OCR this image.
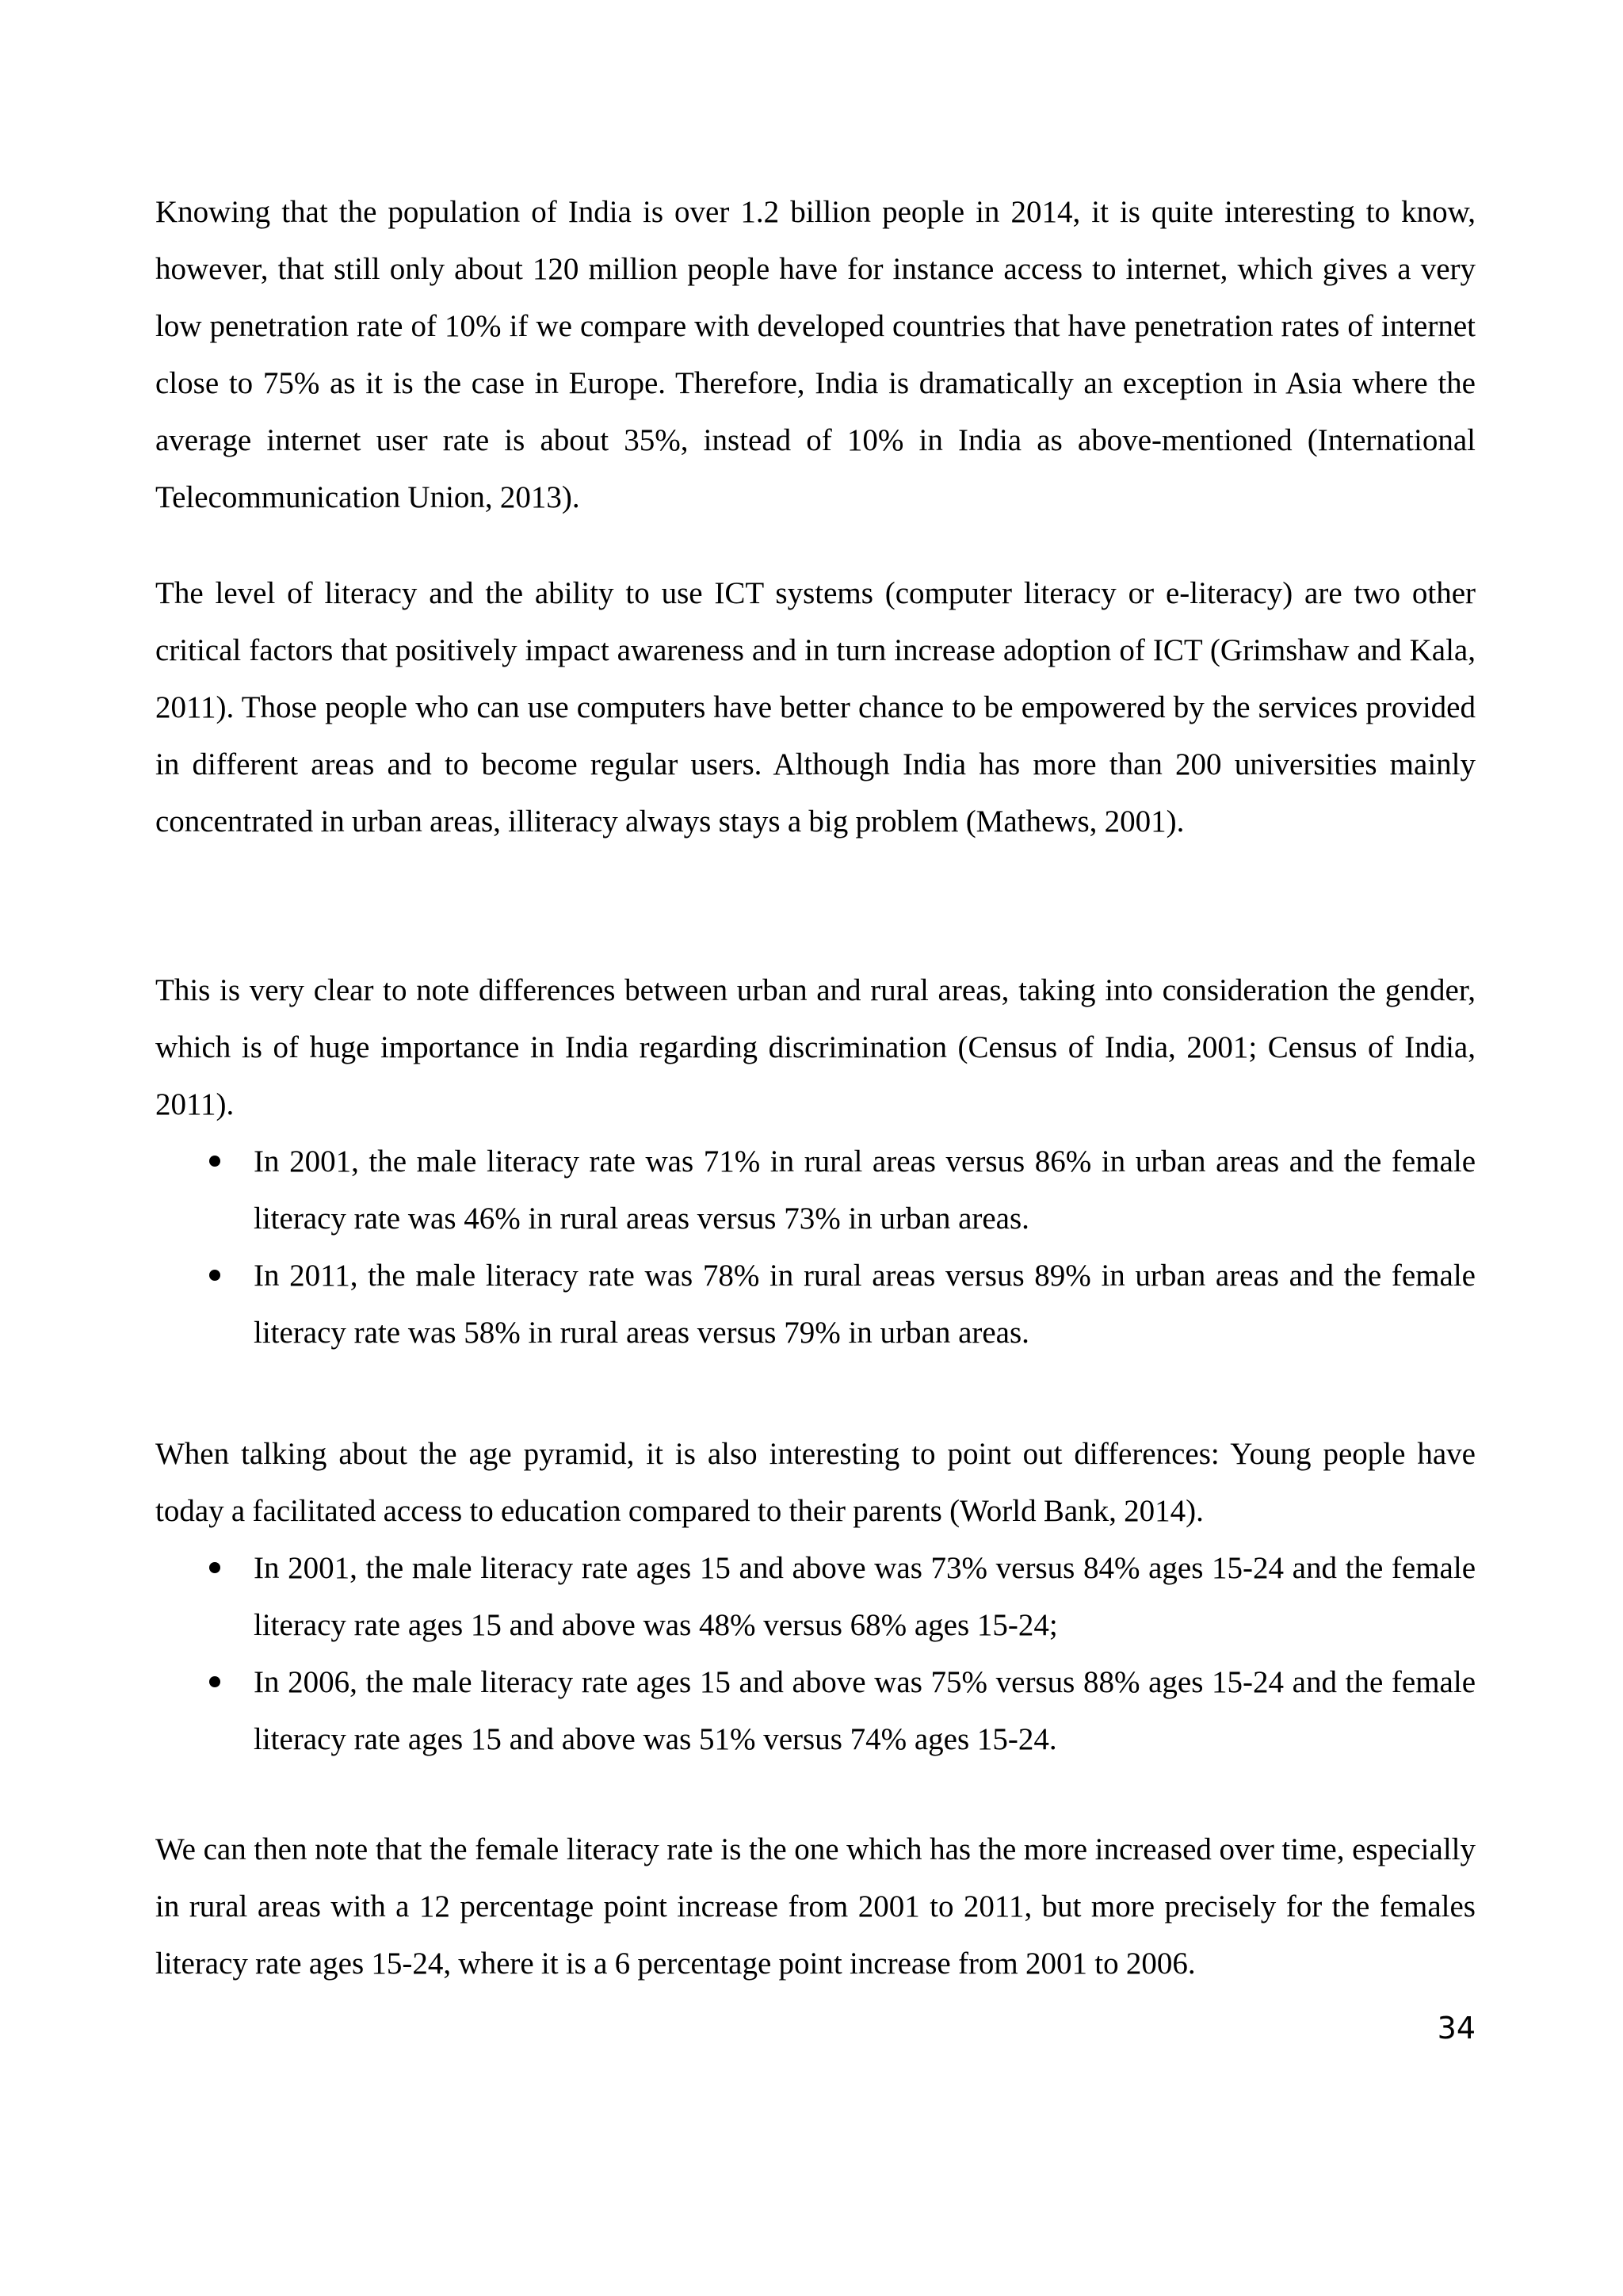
Knowing that the population of India is over 1.2 billion people in 2014, it is quite interesting to know, however, that still only about 120 million people have for instance access to internet, which gives a very low penetration rate of 10% if we compare with developed countries that have penetration rates of internet close to 75% as it is the case in Europe. Therefore, India is dramatically an exception in Asia where the average internet user rate is about 35%, instead of 10% in India as above-mentioned (International Telecommunication Union, 2013).

The level of literacy and the ability to use ICT systems (computer literacy or e-literacy) are two other critical factors that positively impact awareness and in turn increase adoption of ICT (Grimshaw and Kala, 2011). Those people who can use computers have better chance to be empowered by the services provided in different areas and to become regular users. Although India has more than 200 universities mainly concentrated in urban areas, illiteracy always stays a big problem (Mathews, 2001).

This is very clear to note differences between urban and rural areas, taking into consideration the gender, which is of huge importance in India regarding discrimination (Census of India, 2001; Census of India, 2011).

In 2001, the male literacy rate was 71% in rural areas versus 86% in urban areas and the female literacy rate was 46% in rural areas versus 73% in urban areas.
In 2011, the male literacy rate was 78% in rural areas versus 89% in urban areas and the female literacy rate was 58% in rural areas versus 79% in urban areas.

When talking about the age pyramid, it is also interesting to point out differences: Young people have today a facilitated access to education compared to their parents (World Bank, 2014).

In 2001, the male literacy rate ages 15 and above was 73% versus 84% ages 15-24 and the female literacy rate ages 15 and above was 48% versus 68% ages 15-24;
In 2006, the male literacy rate ages 15 and above was 75% versus 88% ages 15-24 and the female literacy rate ages 15 and above was 51% versus 74% ages 15-24.

We can then note that the female literacy rate is the one which has the more increased over time, especially in rural areas with a 12 percentage point increase from 2001 to 2011, but more precisely for the females literacy rate ages 15-24, where it is a 6 percentage point increase from 2001 to 2006.

34
